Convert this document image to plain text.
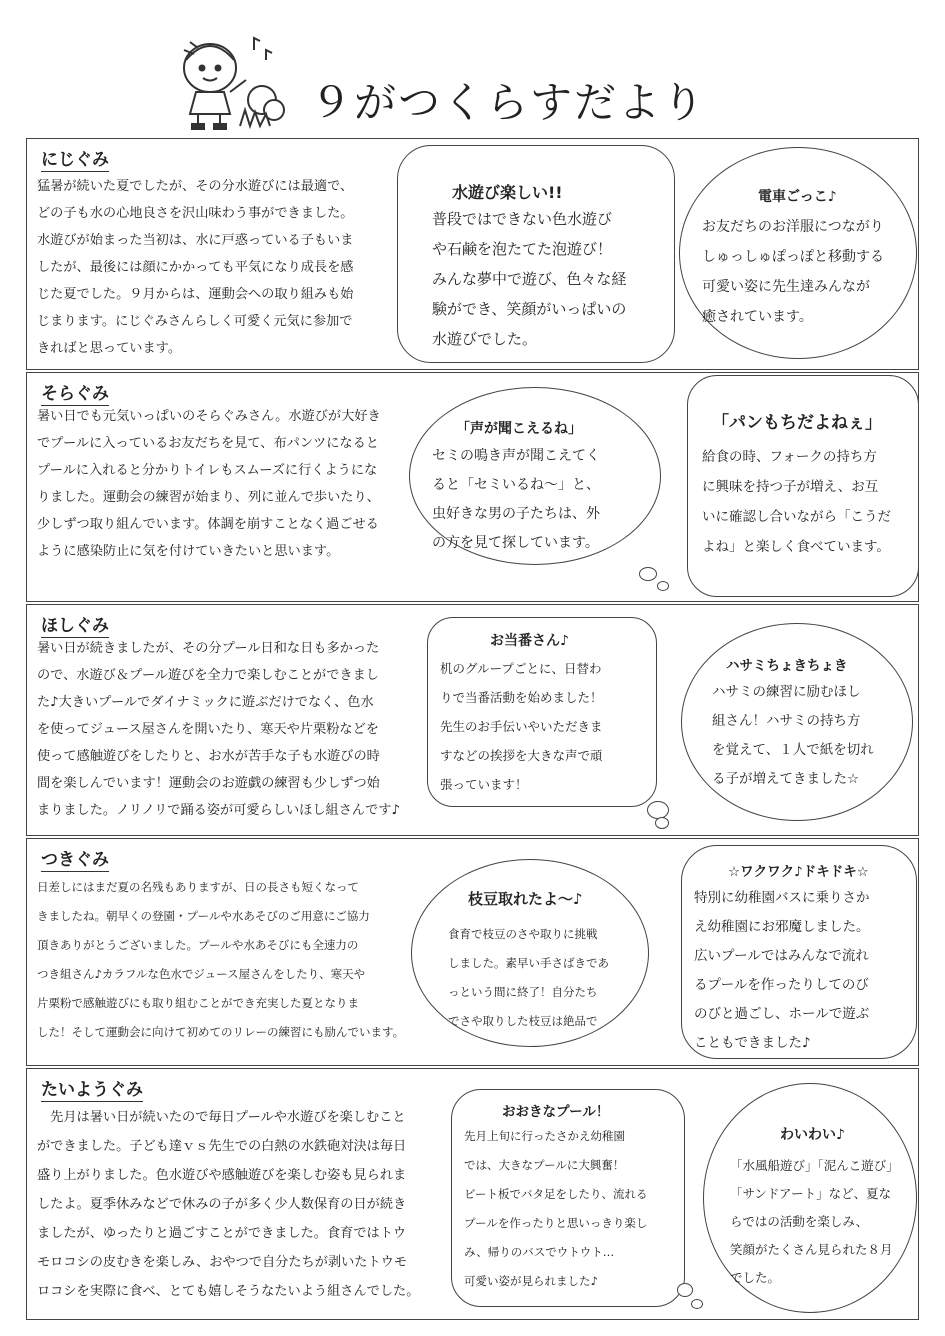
９がつくらすだより
にじぐみ
猛暑が続いた夏でしたが、その分水遊びには最適で、
どの子も水の心地良さを沢山味わう事ができました。
水遊びが始まった当初は、水に戸惑っている子もいま
したが、最後には顔にかかっても平気になり成長を感
じた夏でした。９月からは、運動会への取り組みも始
じまります。にじぐみさんらしく可愛く元気に参加で
きればと思っています。
水遊び楽しい!!
普段ではできない色水遊び
や石鹸を泡たてた泡遊び！
みんな夢中で遊び、色々な経
験ができ、笑顔がいっぱいの
水遊びでした。
電車ごっこ♪
お友だちのお洋服につながり
しゅっしゅぽっぽと移動する
可愛い姿に先生達みんなが
癒されています。
そらぐみ
暑い日でも元気いっぱいのそらぐみさん。水遊びが大好き
でプールに入っているお友だちを見て、布パンツになると
プールに入れると分かりトイレもスムーズに行くようにな
りました。運動会の練習が始まり、列に並んで歩いたり、
少しずつ取り組んでいます。体調を崩すことなく過ごせる
ように感染防止に気を付けていきたいと思います。
「声が聞こえるね」
セミの鳴き声が聞こえてく
ると「セミいるね～」と、
虫好きな男の子たちは、外
の方を見て探しています。
「パンもちだよねぇ」
給食の時、フォークの持ち方
に興味を持つ子が増え、お互
いに確認し合いながら「こうだ
よね」と楽しく食べています。
ほしぐみ
暑い日が続きましたが、その分プール日和な日も多かった
ので、水遊び＆プール遊びを全力で楽しむことができまし
た♪大きいプールでダイナミックに遊ぶだけでなく、色水
を使ってジュース屋さんを開いたり、寒天や片栗粉などを
使って感触遊びをしたりと、お水が苦手な子も水遊びの時
間を楽しんでいます！運動会のお遊戯の練習も少しずつ始
まりました。ノリノリで踊る姿が可愛らしいほし組さんです♪
お当番さん♪
机のグループごとに、日替わ
りで当番活動を始めました！
先生のお手伝いやいただきま
すなどの挨拶を大きな声で頑
張っています！
ハサミちょきちょき
ハサミの練習に励むほし
組さん！ハサミの持ち方
を覚えて、１人で紙を切れ
る子が増えてきました☆
つきぐみ
日差しにはまだ夏の名残もありますが、日の長さも短くなって
きましたね。朝早くの登園・プールや水あそびのご用意にご協力
頂きありがとうございました。プールや水あそびにも全速力の
つき組さん♪カラフルな色水でジュース屋さんをしたり、寒天や
片栗粉で感触遊びにも取り組むことができ充実した夏となりま
した！そして運動会に向けて初めてのリレーの練習にも励んでいます。
枝豆取れたよ～♪
食育で枝豆のさや取りに挑戦
しました。素早い手さばきであ
っという間に終了！自分たち
でさや取りした枝豆は絶品で
☆ワクワク♪ドキドキ☆
特別に幼稚園バスに乗りさか
え幼稚園にお邪魔しました。
広いプールではみんなで流れ
るプールを作ったりしてのび
のびと過ごし、ホールで遊ぶ
こともできました♪
たいようぐみ
　先月は暑い日が続いたので毎日プールや水遊びを楽しむこと
ができました。子ども達ｖｓ先生での白熱の水鉄砲対決は毎日
盛り上がりました。色水遊びや感触遊びを楽しむ姿も見られま
したよ。夏季休みなどで休みの子が多く少人数保育の日が続き
ましたが、ゆったりと過ごすことができました。食育ではトウ
モロコシの皮むきを楽しみ、おやつで自分たちが剥いたトウモ
ロコシを実際に食べ、とても嬉しそうなたいよう組さんでした。
おおきなプール！
先月上旬に行ったさかえ幼稚園
では、大きなプールに大興奮！
ビート板でバタ足をしたり、流れる
プールを作ったりと思いっきり楽し
み、帰りのバスでウトウト…
可愛い姿が見られました♪
わいわい♪
「水風船遊び」「泥んこ遊び」
「サンドアート」など、夏な
らではの活動を楽しみ、
笑顔がたくさん見られた８月
でした。
